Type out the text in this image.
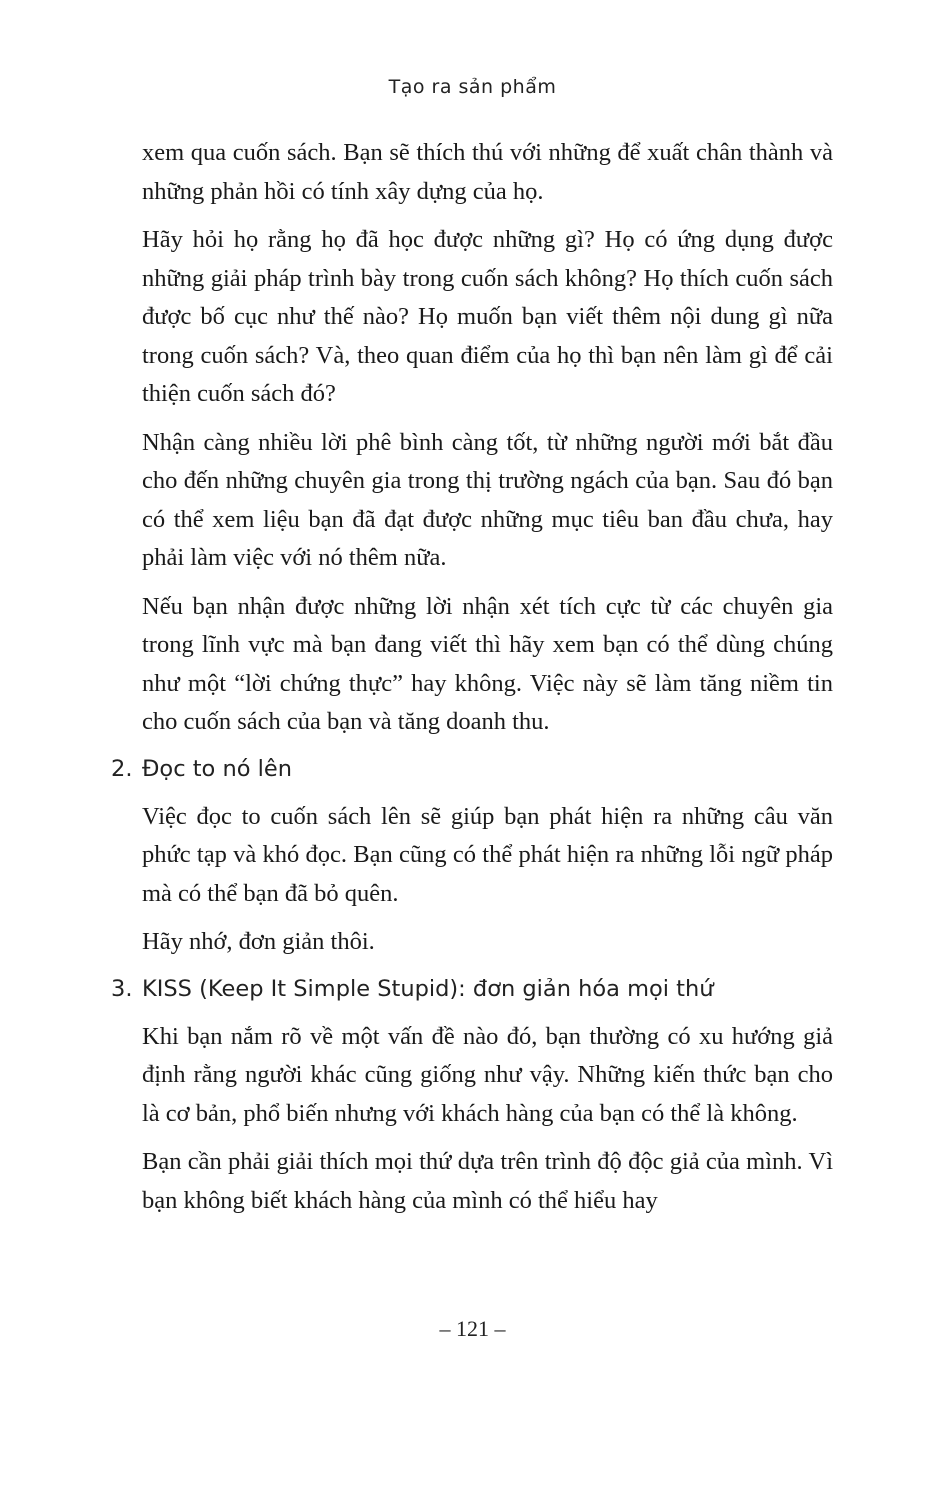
Tạo ra sản phẩm

xem qua cuốn sách. Bạn sẽ thích thú với những để xuất chân thành và những phản hồi có tính xây dựng của họ.

Hãy hỏi họ rằng họ đã học được những gì? Họ có ứng dụng được những giải pháp trình bày trong cuốn sách không? Họ thích cuốn sách được bố cục như thế nào? Họ muốn bạn viết thêm nội dung gì nữa trong cuốn sách? Và, theo quan điểm của họ thì bạn nên làm gì để cải thiện cuốn sách đó?

Nhận càng nhiều lời phê bình càng tốt, từ những người mới bắt đầu cho đến những chuyên gia trong thị trường ngách của bạn. Sau đó bạn có thể xem liệu bạn đã đạt được những mục tiêu ban đầu chưa, hay phải làm việc với nó thêm nữa.

Nếu bạn nhận được những lời nhận xét tích cực từ các chuyên gia trong lĩnh vực mà bạn đang viết thì hãy xem bạn có thể dùng chúng như một “lời chứng thực” hay không. Việc này sẽ làm tăng niềm tin cho cuốn sách của bạn và tăng doanh thu.

2. Đọc to nó lên

Việc đọc to cuốn sách lên sẽ giúp bạn phát hiện ra những câu văn phức tạp và khó đọc. Bạn cũng có thể phát hiện ra những lỗi ngữ pháp mà có thể bạn đã bỏ quên.

Hãy nhớ, đơn giản thôi.

3. KISS (Keep It Simple Stupid): đơn giản hóa mọi thứ

Khi bạn nắm rõ về một vấn đề nào đó, bạn thường có xu hướng giả định rằng người khác cũng giống như vậy. Những kiến thức bạn cho là cơ bản, phổ biến nhưng với khách hàng của bạn có thể là không.

Bạn cần phải giải thích mọi thứ dựa trên trình độ độc giả của mình. Vì bạn không biết khách hàng của mình có thể hiểu hay

– 121 –
